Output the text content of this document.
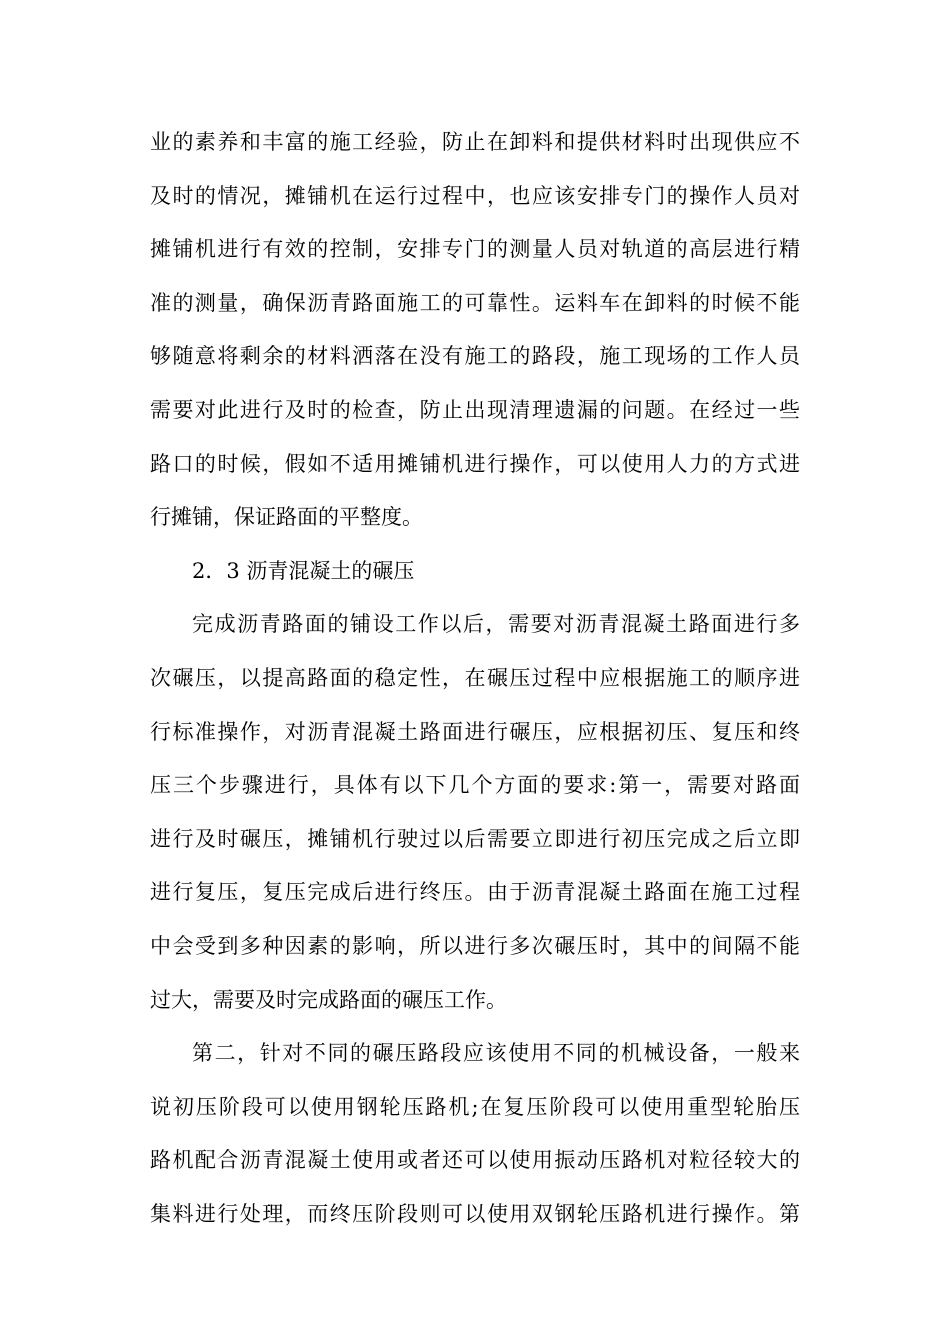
业的素养和丰富的施工经验，防止在卸料和提供材料时出现供应不
及时的情况，摊铺机在运行过程中，也应该安排专门的操作人员对
摊铺机进行有效的控制，安排专门的测量人员对轨道的高层进行精
准的测量，确保沥青路面施工的可靠性。运料车在卸料的时候不能
够随意将剩余的材料洒落在没有施工的路段，施工现场的工作人员
需要对此进行及时的检查，防止出现清理遗漏的问题。在经过一些
路口的时候，假如不适用摊铺机进行操作，可以使用人力的方式进
行摊铺，保证路面的平整度。
2．3 沥青混凝土的碾压
完成沥青路面的铺设工作以后，需要对沥青混凝土路面进行多
次碾压，以提高路面的稳定性，在碾压过程中应根据施工的顺序进
行标准操作，对沥青混凝土路面进行碾压，应根据初压、复压和终
压三个步骤进行，具体有以下几个方面的要求:第一，需要对路面
进行及时碾压，摊铺机行驶过以后需要立即进行初压完成之后立即
进行复压，复压完成后进行终压。由于沥青混凝土路面在施工过程
中会受到多种因素的影响，所以进行多次碾压时，其中的间隔不能
过大，需要及时完成路面的碾压工作。
第二，针对不同的碾压路段应该使用不同的机械设备，一般来
说初压阶段可以使用钢轮压路机;在复压阶段可以使用重型轮胎压
路机配合沥青混凝土使用或者还可以使用振动压路机对粒径较大的
集料进行处理，而终压阶段则可以使用双钢轮压路机进行操作。第
